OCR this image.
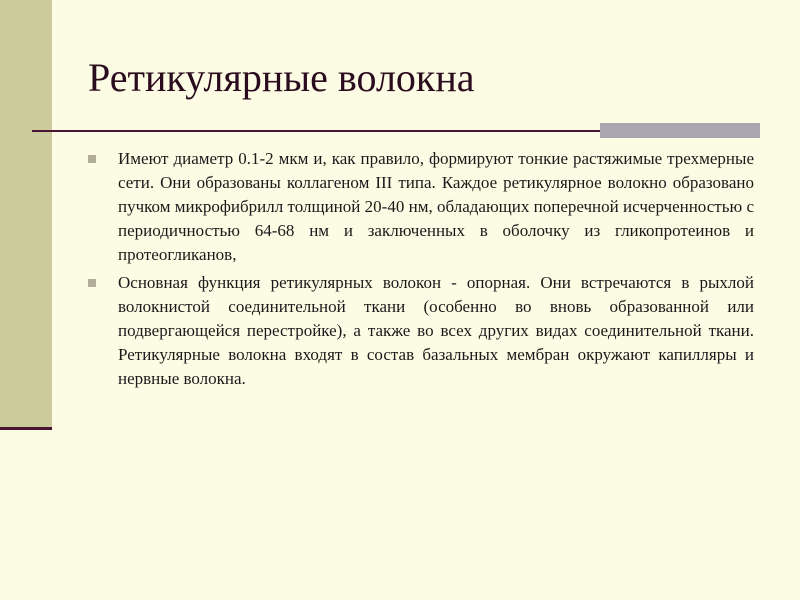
Ретикулярные волокна
Имеют диаметр 0.1-2 мкм и, как правило, формируют тонкие растяжимые трехмерные сети. Они образованы коллагеном III типа. Каждое ретикулярное волокно образовано пучком микрофибрилл толщиной 20-40 нм, обладающих поперечной исчерченностью с периодичностью 64-68 нм и заключенных в оболочку из гликопротеинов и протеогликанов,
Основная функция ретикулярных волокон - опорная. Они встречаются в рыхлой волокнистой соединительной ткани (особенно во вновь образованной или подвергающейся перестройке), а также во всех других видах соединительной ткани. Ретикулярные волокна входят в состав базальных мембран окружают капилляры и нервные волокна.
